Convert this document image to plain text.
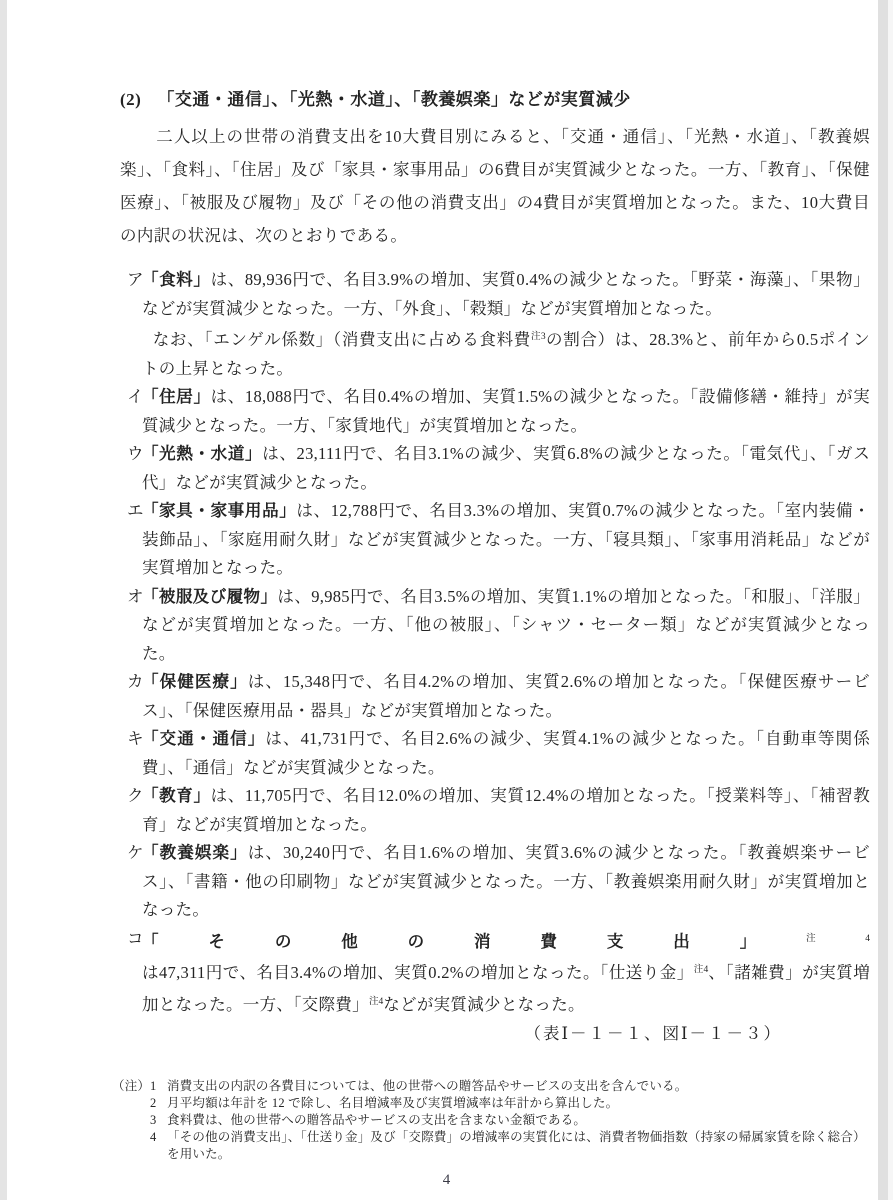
(2) 「交通・通信」、「光熱・水道」、「教養娯楽」などが実質減少
二人以上の世帯の消費支出を10大費目別にみると、「交通・通信」、「光熱・水道」、「教養娯楽」、「食料」、「住居」及び「家具・家事用品」の6費目が実質減少となった。一方、「教育」、「保健医療」、「被服及び履物」及び「その他の消費支出」の4費目が実質増加となった。また、10大費目の内訳の状況は、次のとおりである。
ア
「食料」は、89,936円で、名目3.9%の増加、実質0.4%の減少となった。「野菜・海藻」、「果物」などが実質減少となった。一方、「外食」、「穀類」などが実質増加となった。
なお、「エンゲル係数」（消費支出に占める食料費$^{注3}$の割合）は、28.3%と、前年から0.5ポイントの上昇となった。
イ
「住居」は、18,088円で、名目0.4%の増加、実質1.5%の減少となった。「設備修繕・維持」が実質減少となった。一方、「家賃地代」が実質増加となった。
ウ
「光熱・水道」は、23,111円で、名目3.1%の減少、実質6.8%の減少となった。「電気代」、「ガス代」などが実質減少となった。
エ
「家具・家事用品」は、12,788円で、名目3.3%の増加、実質0.7%の減少となった。「室内装備・装飾品」、「家庭用耐久財」などが実質減少となった。一方、「寝具類」、「家事用消耗品」などが実質増加となった。
オ
「被服及び履物」は、9,985円で、名目3.5%の増加、実質1.1%の増加となった。「和服」、「洋服」などが実質増加となった。一方、「他の被服」、「シャツ・セーター類」などが実質減少となった。
カ
「保健医療」は、15,348円で、名目4.2%の増加、実質2.6%の増加となった。「保健医療サービス」、「保健医療用品・器具」などが実質増加となった。
キ
「交通・通信」は、41,731円で、名目2.6%の減少、実質4.1%の減少となった。「自動車等関係費」、「通信」などが実質減少となった。
ク
「教育」は、11,705円で、名目12.0%の増加、実質12.4%の増加となった。「授業料等」、「補習教育」などが実質増加となった。
ケ
「教養娯楽」は、30,240円で、名目1.6%の増加、実質3.6%の減少となった。「教養娯楽サービス」、「書籍・他の印刷物」などが実質減少となった。一方、「教養娯楽用耐久財」が実質増加となった。
コ
「その他の消費支出」$^{注4}$は47,311円で、名目3.4%の増加、実質0.2%の増加となった。「仕送り金」$^{注4}$、「諸雑費」が実質増加となった。一方、「交際費」$^{注4}$などが実質減少となった。
（表Ⅰ－１－１、図Ⅰ－１－３）
（注） 1 消費支出の内訳の各費目については、他の世帯への贈答品やサービスの支出を含んでいる。
2 月平均額は年計を 12 で除し、名目増減率及び実質増減率は年計から算出した。
3 食料費は、他の世帯への贈答品やサービスの支出を含まない金額である。
4 「その他の消費支出」、「仕送り金」及び「交際費」の増減率の実質化には、消費者物価指数（持家の帰属家賃を除く総合）を用いた。
4
